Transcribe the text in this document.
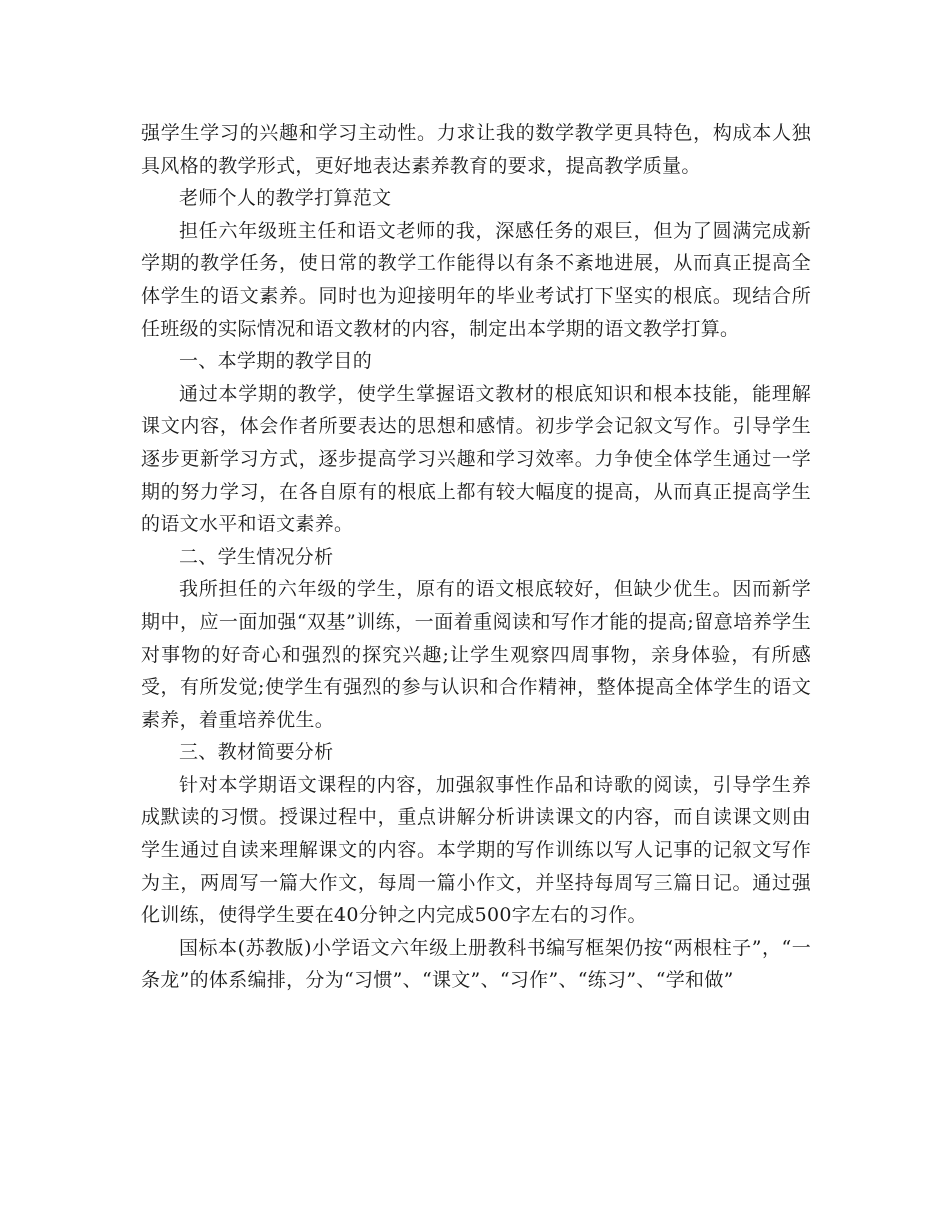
强学生学习的兴趣和学习主动性。力求让我的数学教学更具特色，构成本人独具风格的教学形式，更好地表达素养教育的要求，提高教学质量。

老师个人的教学打算范文

担任六年级班主任和语文老师的我，深感任务的艰巨，但为了圆满完成新学期的教学任务，使日常的教学工作能得以有条不紊地进展，从而真正提高全体学生的语文素养。同时也为迎接明年的毕业考试打下坚实的根底。现结合所任班级的实际情况和语文教材的内容，制定出本学期的语文教学打算。

一、本学期的教学目的

通过本学期的教学，使学生掌握语文教材的根底知识和根本技能，能理解课文内容，体会作者所要表达的思想和感情。初步学会记叙文写作。引导学生逐步更新学习方式，逐步提高学习兴趣和学习效率。力争使全体学生通过一学期的努力学习，在各自原有的根底上都有较大幅度的提高，从而真正提高学生的语文水平和语文素养。

二、学生情况分析

我所担任的六年级的学生，原有的语文根底较好，但缺少优生。因而新学期中，应一面加强“双基”训练，一面着重阅读和写作才能的提高;留意培养学生对事物的好奇心和强烈的探究兴趣;让学生观察四周事物，亲身体验，有所感受，有所发觉;使学生有强烈的参与认识和合作精神，整体提高全体学生的语文素养，着重培养优生。

三、教材简要分析

针对本学期语文课程的内容，加强叙事性作品和诗歌的阅读，引导学生养成默读的习惯。授课过程中，重点讲解分析讲读课文的内容，而自读课文则由学生通过自读来理解课文的内容。本学期的写作训练以写人记事的记叙文写作为主，两周写一篇大作文，每周一篇小作文，并坚持每周写三篇日记。通过强化训练，使得学生要在40分钟之内完成500字左右的习作。

国标本(苏教版)小学语文六年级上册教科书编写框架仍按“两根柱子”，“一条龙”的体系编排，分为“习惯”、“课文”、“习作”、“练习”、“学和做”
